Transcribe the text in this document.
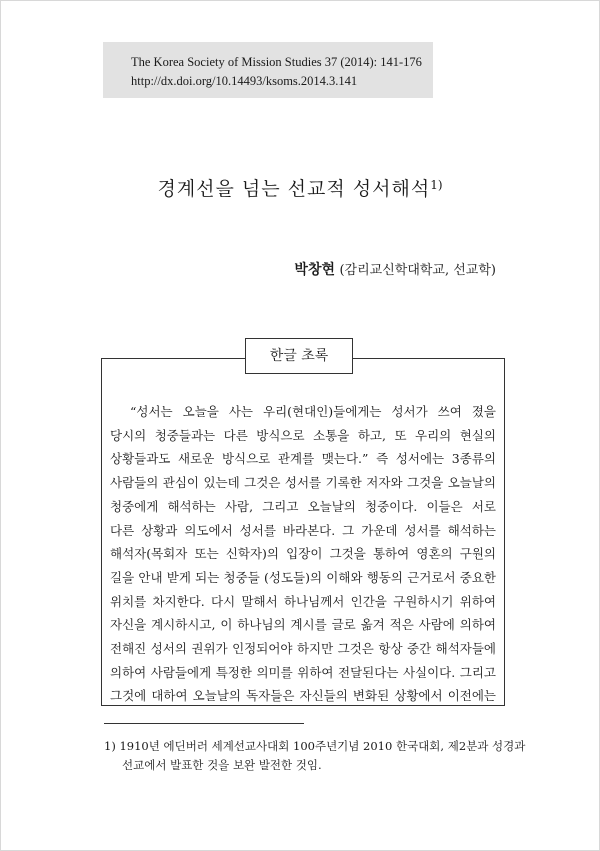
The Korea Society of Mission Studies 37 (2014): 141-176
http://dx.doi.org/10.14493/ksoms.2014.3.141
경계선을 넘는 선교적 성서해석$^{1)}$
박창현 (감리교신학대학교, 선교학)
한글 초록
“성서는 오늘을 사는 우리(현대인)들에게는 성서가 쓰여 졌을
당시의 청중들과는 다른 방식으로 소통을 하고, 또 우리의 현실의
상황들과도 새로운 방식으로 관계를 맺는다.” 즉 성서에는 3종류의
사람들의 관심이 있는데 그것은 성서를 기록한 저자와 그것을 오늘날의
청중에게 해석하는 사람, 그리고 오늘날의 청중이다. 이들은 서로
다른 상황과 의도에서 성서를 바라본다. 그 가운데 성서를 해석하는
해석자(목회자 또는 신학자)의 입장이 그것을 통하여 영혼의 구원의
길을 안내 받게 되는 청중들 (성도들)의 이해와 행동의 근거로서 중요한
위치를 차지한다. 다시 말해서 하나님께서 인간을 구원하시기 위하여
자신을 계시하시고, 이 하나님의 계시를 글로 옮겨 적은 사람에 의하여
전해진 성서의 권위가 인정되어야 하지만 그것은 항상 중간 해석자들에
의하여 사람들에게 특정한 의미를 위하여 전달된다는 사실이다. 그리고
그것에 대하여 오늘날의 독자들은 자신들의 변화된 상황에서 이전에는
1) 1910년 에딘버러 세계선교사대회 100주년기념 2010 한국대회, 제2분과 성경과
선교에서 발표한 것을 보완 발전한 것임.
